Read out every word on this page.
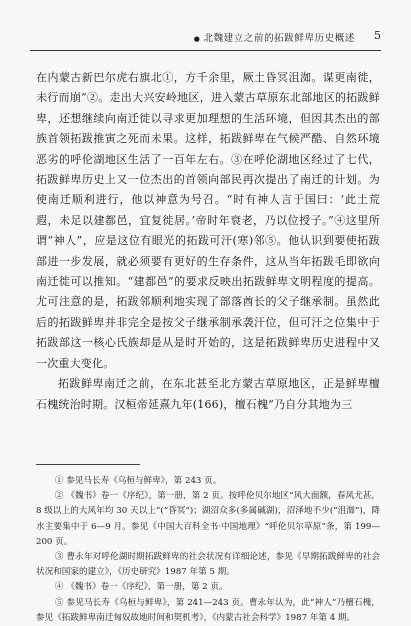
● 北魏建立之前的拓跋鲜卑历史概述 5

在内蒙古新巴尔虎右旗北①，方千余里，厥土昏冥沮洳。谋更南徙，未行而崩”②。走出大兴安岭地区，进入蒙古草原东北部地区的拓跋鲜卑，还想继续向南迁徙以寻求更加理想的生活环境，但因其杰出的部族首领拓跋推寅之死而未果。这样，拓跋鲜卑在气候严酷、自然环境恶劣的呼伦湖地区生活了一百年左右。③在呼伦湖地区经过了七代，拓跋鲜卑历史上又一位杰出的首领向部民再次提出了南迁的计划。为使南迁顺利进行，他以神意为号召。“时有神人言于国曰：‘此土荒遐，未足以建都邑，宜复徙居。’帝时年衰老，乃以位授子。”④这里所谓“神人”，应是这位有眼光的拓跋可汗(寒)邻⑤。他认识到要使拓跋部进一步发展，就必须要有更好的生存条件，这从当年拓跋毛即欲向南迁徙可以推知。“建都邑”的要求反映出拓跋鲜卑文明程度的提高。尤可注意的是，拓跋邻顺利地实现了部落酋长的父子继承制。虽然此后的拓跋鲜卑并非完全是按父子继承制承袭汗位，但可汗之位集中于拓跋部这一核心氏族却是从是时开始的，这是拓跋鲜卑历史进程中又一次重大变化。

拓跋鲜卑南迁之前，在东北甚至北方蒙古草原地区，正是鲜卑檀石槐统治时期。汉桓帝延熹九年(166)，檀石槐“乃自分其地为三

① 参见马长寿《乌桓与鲜卑》，第 243 页。

② 《魏书》卷一《序纪》，第一册，第 2 页。按呼伦贝尔地区“风大面额，春风尤甚，8 级以上的大风年均 30 天以上”(“昏冥”)；湖沼众多(多属碱湖)，沼泽地不少(“沮洳”)，降水主要集中于 6—9 月。参见《中国大百科全书·中国地理》“呼伦贝尔草原”条，第 199—200 页。

③ 曹永年对呼伦湖时期拓跋鲜卑的社会状况有详细论述，参见《早期拓跋鲜卑的社会状况和国家的建立》，《历史研究》1987 年第 5 期。

④ 《魏书》卷一《序纪》，第一册，第 2 页。

⑤ 参见马长寿《乌桓与鲜卑》，第 241—243 页。曹永年认为，此“神人”乃檀石槐，参见《拓跋鲜卑南迁匈奴故地时间和契机考》，《内蒙古社会科学》1987 年第 4 期。
